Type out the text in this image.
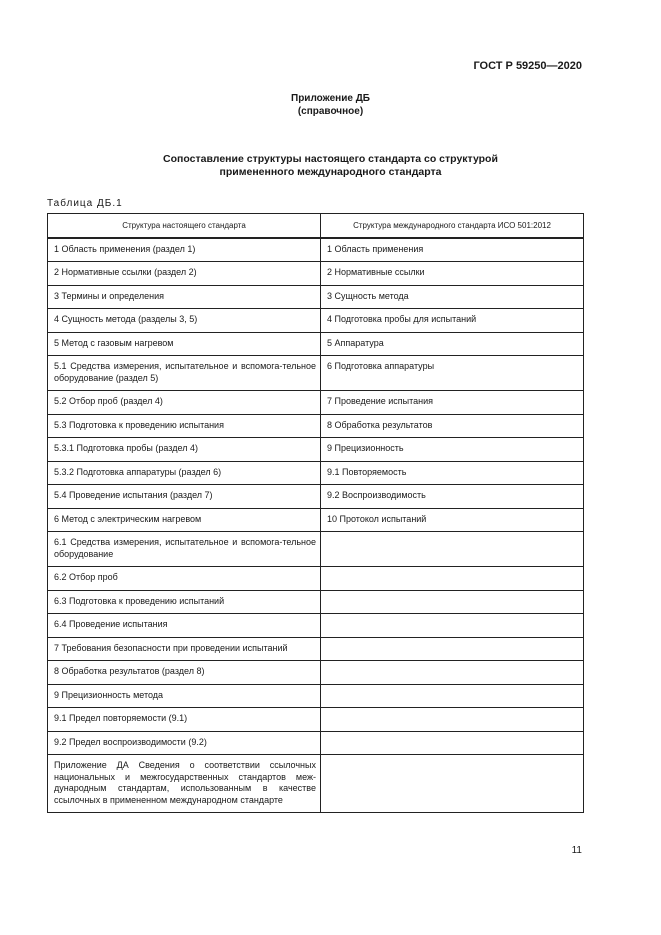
ГОСТ Р 59250—2020
Приложение ДБ
(справочное)
Сопоставление структуры настоящего стандарта со структурой
примененного международного стандарта
Таблица ДБ.1
Структура настоящего стандарта	Структура международного стандарта ИСО 501:2012
1 Область применения (раздел 1)	1 Область применения
2 Нормативные ссылки (раздел 2)	2 Нормативные ссылки
3 Термины и определения	3 Сущность метода
4 Сущность метода (разделы 3, 5)	4 Подготовка пробы для испытаний
5 Метод с газовым нагревом	5 Аппаратура
5.1 Средства измерения, испытательное и вспомога-тельное оборудование (раздел 5)	6 Подготовка аппаратуры
5.2 Отбор проб (раздел 4)	7 Проведение испытания
5.3 Подготовка к проведению испытания	8 Обработка результатов
5.3.1 Подготовка пробы (раздел 4)	9 Прецизионность
5.3.2 Подготовка аппаратуры (раздел 6)	9.1 Повторяемость
5.4 Проведение испытания (раздел 7)	9.2 Воспроизводимость
6 Метод с электрическим нагревом	10 Протокол испытаний
6.1 Средства измерения, испытательное и вспомога-тельное оборудование	
6.2 Отбор проб	
6.3 Подготовка к проведению испытаний	
6.4 Проведение испытания	
7 Требования безопасности при проведении испытаний	
8 Обработка результатов (раздел 8)	
9 Прецизионность метода	
9.1 Предел повторяемости (9.1)	
9.2 Предел воспроизводимости (9.2)	
Приложение ДА Сведения о соответствии ссылочных национальных и межгосударственных стандартов меж-дународным стандартам, использованным в качестве ссылочных в примененном международном стандарте	
11
